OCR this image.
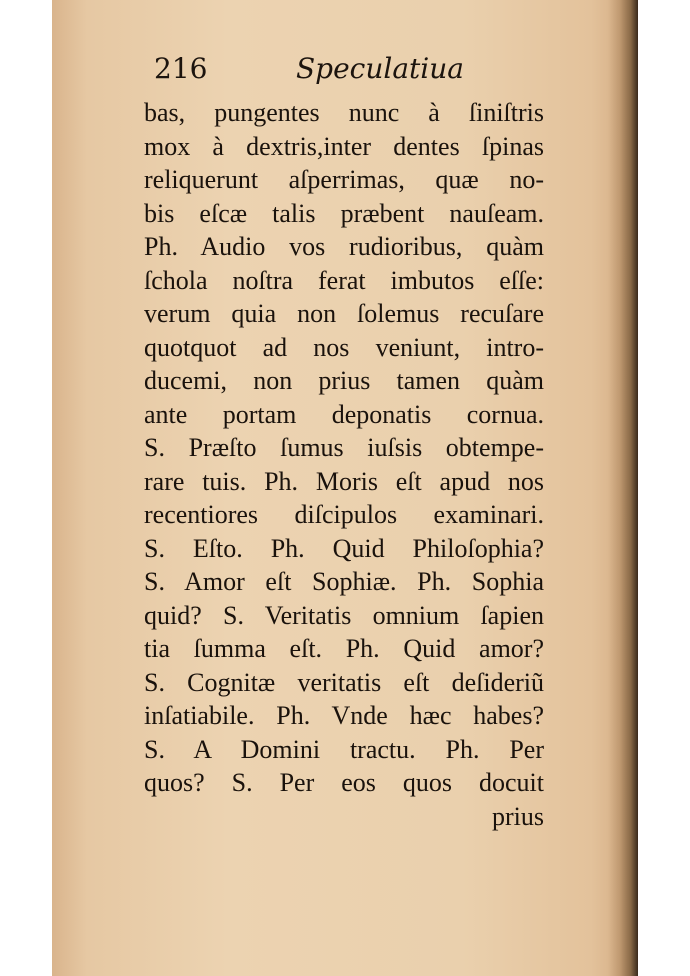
216	Speculatiua
bas, pungentes nunc à ſiniſtris
mox à dextris,inter dentes ſpinas
reliquerunt aſperrimas, quæ no-
bis eſcæ talis præbent nauſeam.
Ph. Audio vos rudioribus, quàm
ſchola noſtra ferat imbutos eſſe:
verum quia non ſolemus recuſare
quotquot ad nos veniunt, intro-
ducemi, non prius tamen quàm
ante portam deponatis cornua.
S. Præſto ſumus iuſsis obtempe-
rare tuis. Ph. Moris eſt apud nos
recentiores diſcipulos examinari.
S. Eſto. Ph. Quid Philoſophia?
S. Amor eſt Sophiæ. Ph. Sophia
quid? S. Veritatis omnium ſapien
tia ſumma eſt. Ph. Quid amor?
S. Cognitæ veritatis eſt deſideriũ
inſatiabile. Ph. Vnde hæc habes?
S. A Domini tractu. Ph. Per
quos? S. Per eos quos docuit
prius
